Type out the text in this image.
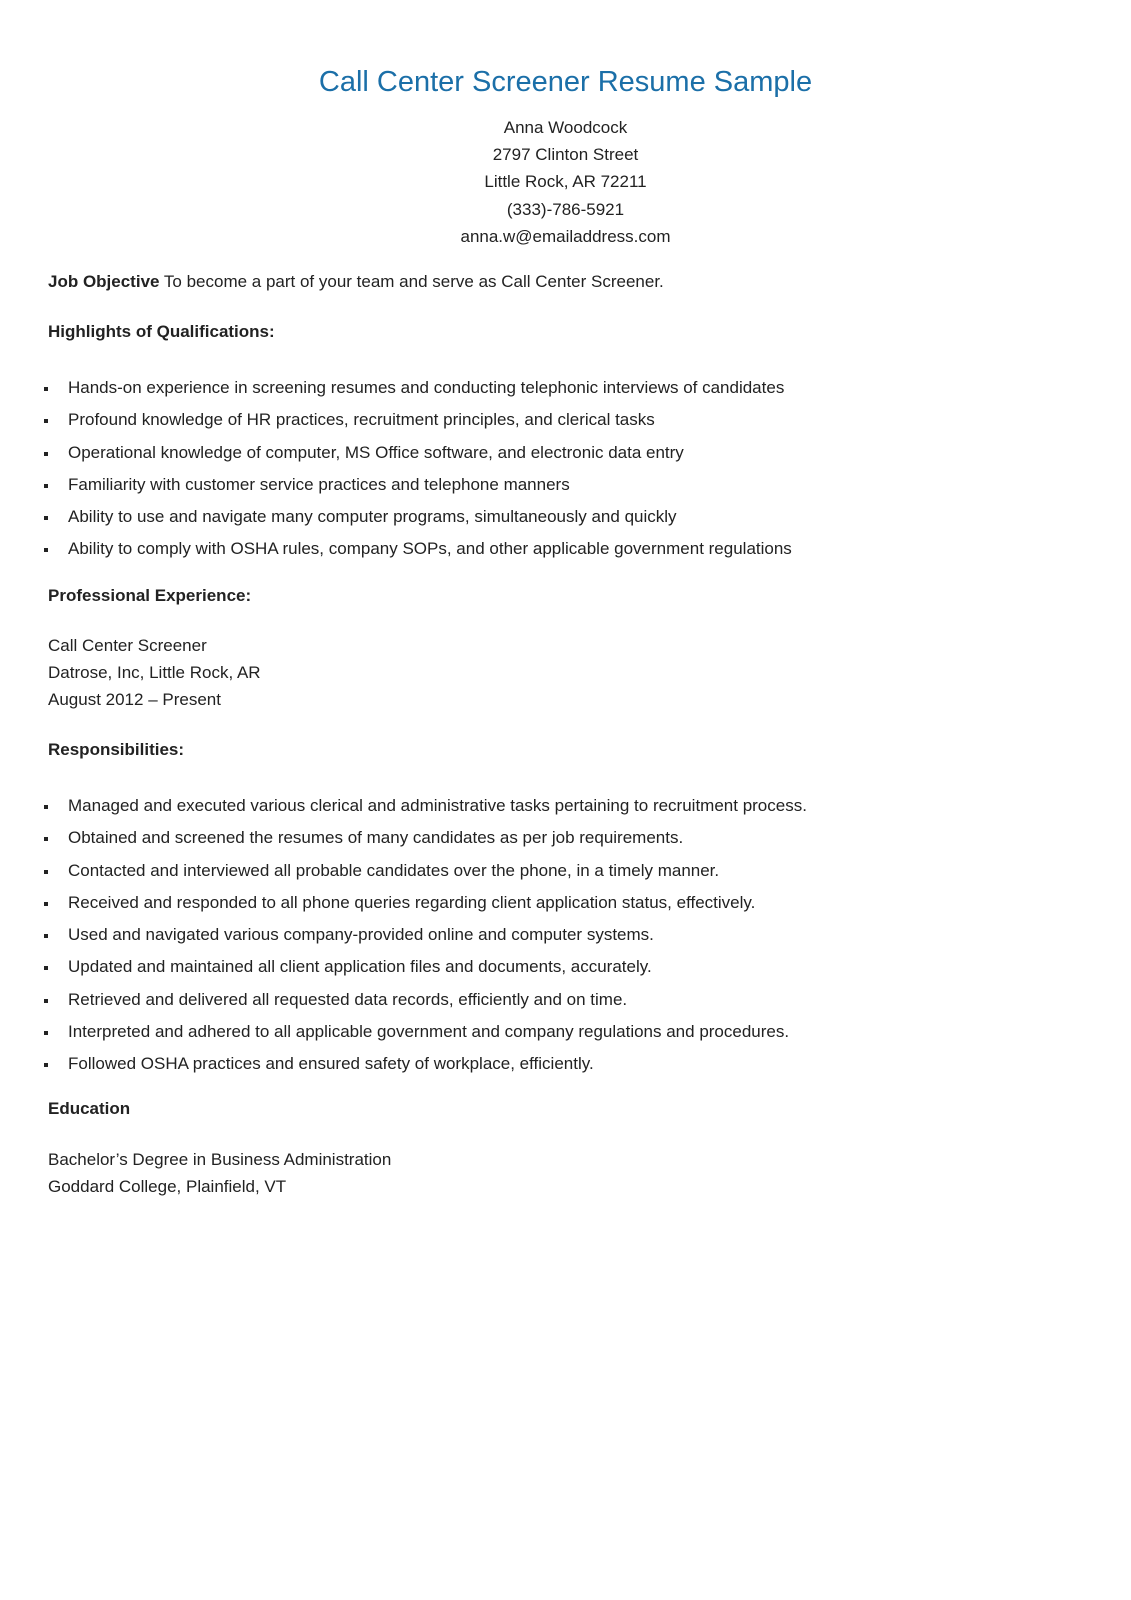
Call Center Screener Resume Sample
Anna Woodcock
2797 Clinton Street
Little Rock, AR 72211
(333)-786-5921
anna.w@emailaddress.com
Job Objective To become a part of your team and serve as Call Center Screener.
Highlights of Qualifications:
Hands-on experience in screening resumes and conducting telephonic interviews of candidates
Profound knowledge of HR practices, recruitment principles, and clerical tasks
Operational knowledge of computer, MS Office software, and electronic data entry
Familiarity with customer service practices and telephone manners
Ability to use and navigate many computer programs, simultaneously and quickly
Ability to comply with OSHA rules, company SOPs, and other applicable government regulations
Professional Experience:
Call Center Screener
Datrose, Inc, Little Rock, AR
August 2012 – Present
Responsibilities:
Managed and executed various clerical and administrative tasks pertaining to recruitment process.
Obtained and screened the resumes of many candidates as per job requirements.
Contacted and interviewed all probable candidates over the phone, in a timely manner.
Received and responded to all phone queries regarding client application status, effectively.
Used and navigated various company-provided online and computer systems.
Updated and maintained all client application files and documents, accurately.
Retrieved and delivered all requested data records, efficiently and on time.
Interpreted and adhered to all applicable government and company regulations and procedures.
Followed OSHA practices and ensured safety of workplace, efficiently.
Education
Bachelor’s Degree in Business Administration
Goddard College, Plainfield, VT
